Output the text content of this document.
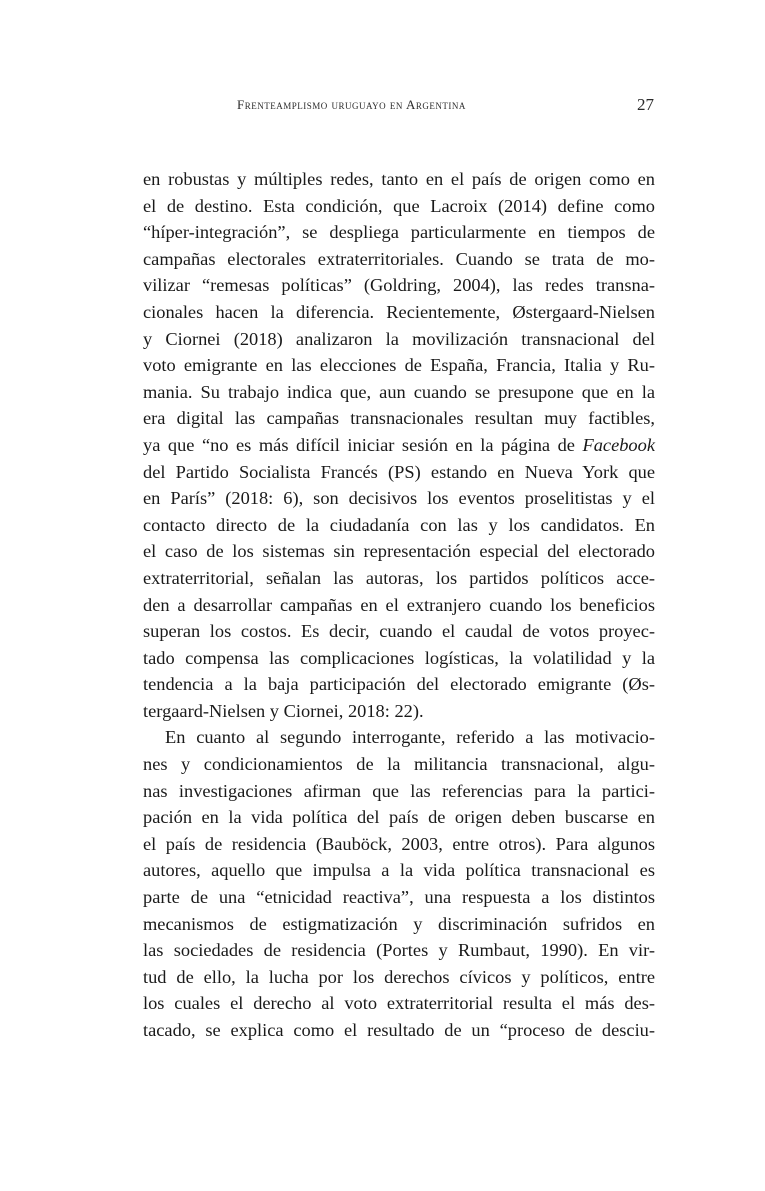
Frenteamplismo uruguayo en Argentina	27
en robustas y múltiples redes, tanto en el país de origen como en
el de destino. Esta condición, que Lacroix (2014) define como
“híper-integración”, se despliega particularmente en tiempos de
campañas electorales extraterritoriales. Cuando se trata de mo-
vilizar “remesas políticas” (Goldring, 2004), las redes transna-
cionales hacen la diferencia. Recientemente, Østergaard-Nielsen
y Ciornei (2018) analizaron la movilización transnacional del
voto emigrante en las elecciones de España, Francia, Italia y Ru-
mania. Su trabajo indica que, aun cuando se presupone que en la
era digital las campañas transnacionales resultan muy factibles,
ya que “no es más difícil iniciar sesión en la página de Facebook
del Partido Socialista Francés (PS) estando en Nueva York que
en París” (2018: 6), son decisivos los eventos proselitistas y el
contacto directo de la ciudadanía con las y los candidatos. En
el caso de los sistemas sin representación especial del electorado
extraterritorial, señalan las autoras, los partidos políticos acce-
den a desarrollar campañas en el extranjero cuando los beneficios
superan los costos. Es decir, cuando el caudal de votos proyec-
tado compensa las complicaciones logísticas, la volatilidad y la
tendencia a la baja participación del electorado emigrante (Øs-
tergaard-Nielsen y Ciornei, 2018: 22).
En cuanto al segundo interrogante, referido a las motivacio-
nes y condicionamientos de la militancia transnacional, algu-
nas investigaciones afirman que las referencias para la partici-
pación en la vida política del país de origen deben buscarse en
el país de residencia (Bauböck, 2003, entre otros). Para algunos
autores, aquello que impulsa a la vida política transnacional es
parte de una “etnicidad reactiva”, una respuesta a los distintos
mecanismos de estigmatización y discriminación sufridos en
las sociedades de residencia (Portes y Rumbaut, 1990). En vir-
tud de ello, la lucha por los derechos cívicos y políticos, entre
los cuales el derecho al voto extraterritorial resulta el más des-
tacado, se explica como el resultado de un “proceso de desciu-
